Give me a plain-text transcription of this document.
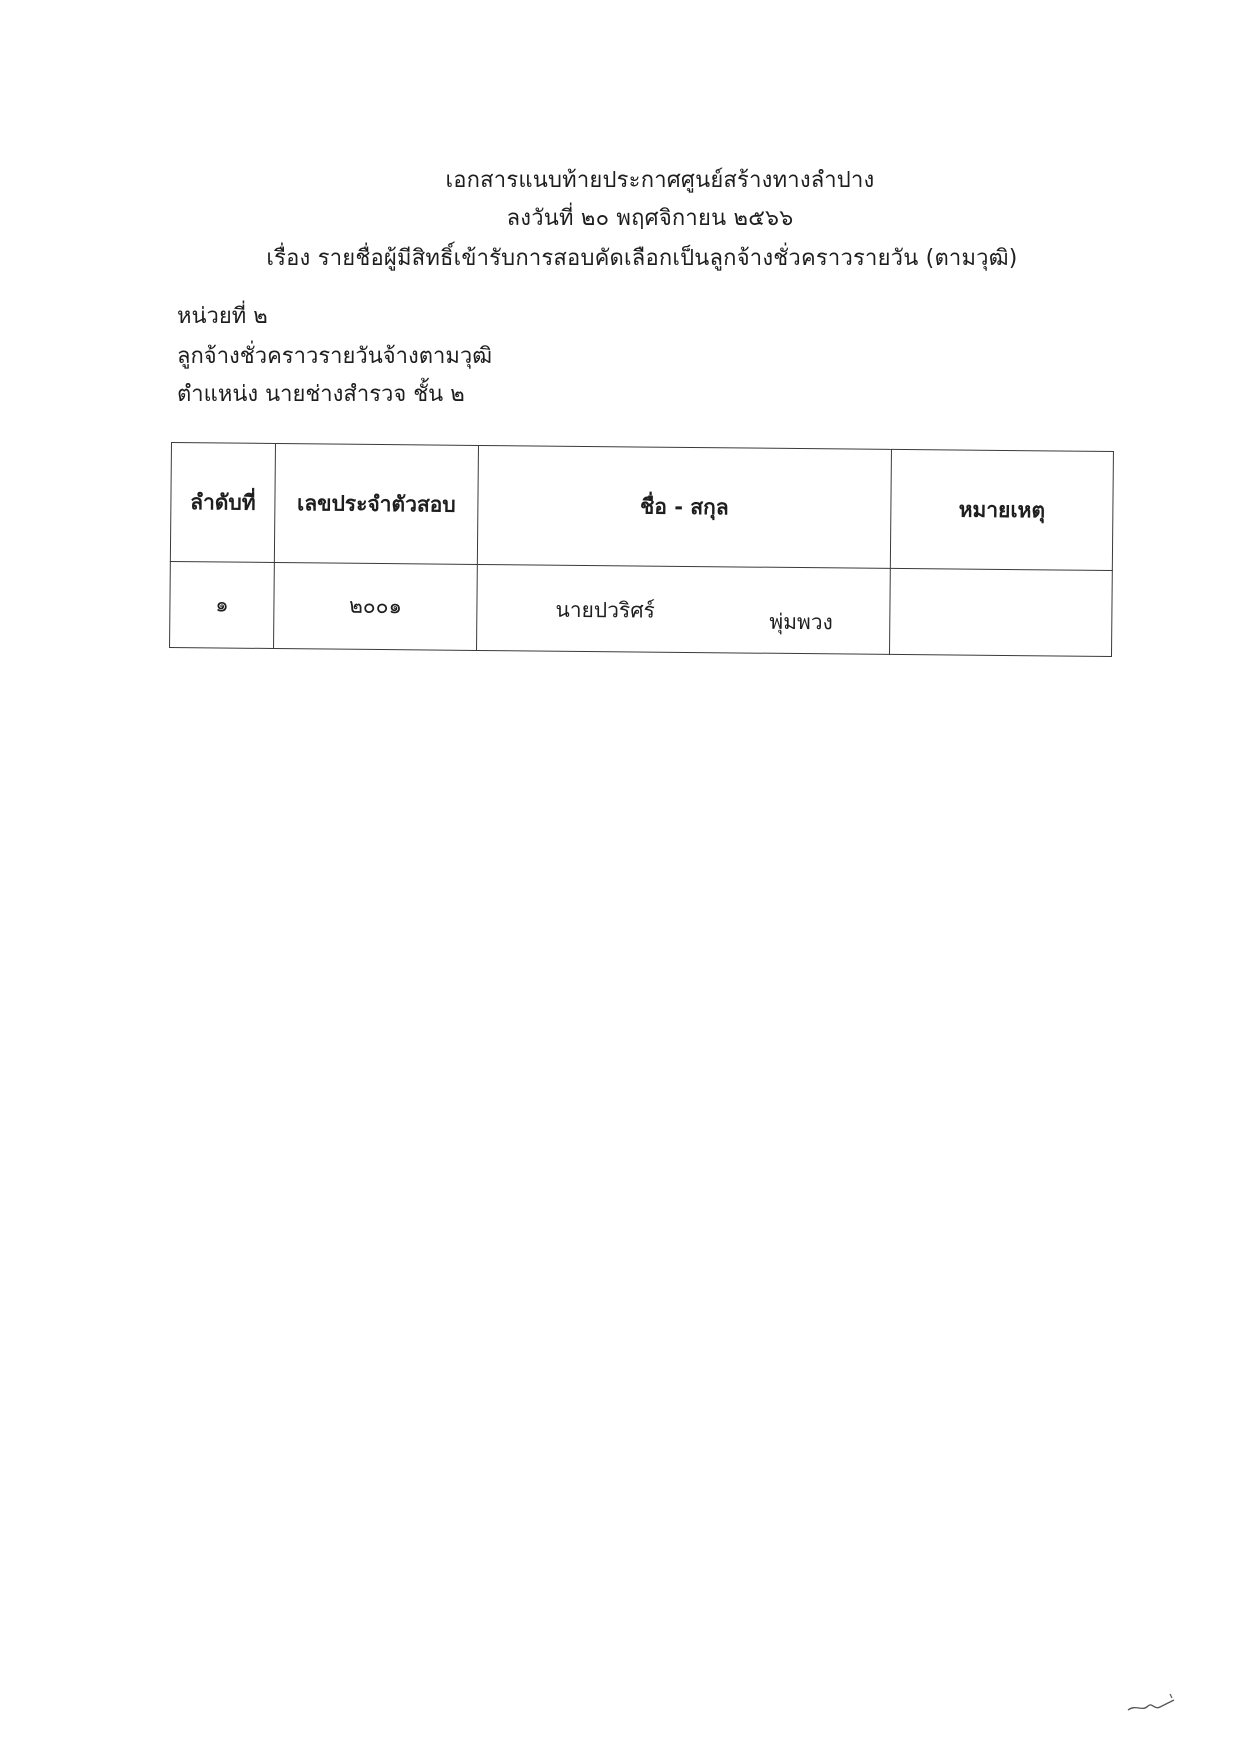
เอกสารแนบท้ายประกาศศูนย์สร้างทางลำปาง
ลงวันที่ ๒๐ พฤศจิกายน ๒๕๖๖
เรื่อง รายชื่อผู้มีสิทธิ์เข้ารับการสอบคัดเลือกเป็นลูกจ้างชั่วคราวรายวัน (ตามวุฒิ)
หน่วยที่ ๒
ลูกจ้างชั่วคราวรายวันจ้างตามวุฒิ
ตำแหน่ง นายช่างสำรวจ ชั้น ๒
ลำดับที่	เลขประจำตัวสอบ	ชื่อ - สกุล	หมายเหตุ
๑	๒๐๐๑	นายปวริศร์ พุ่มพวง	
